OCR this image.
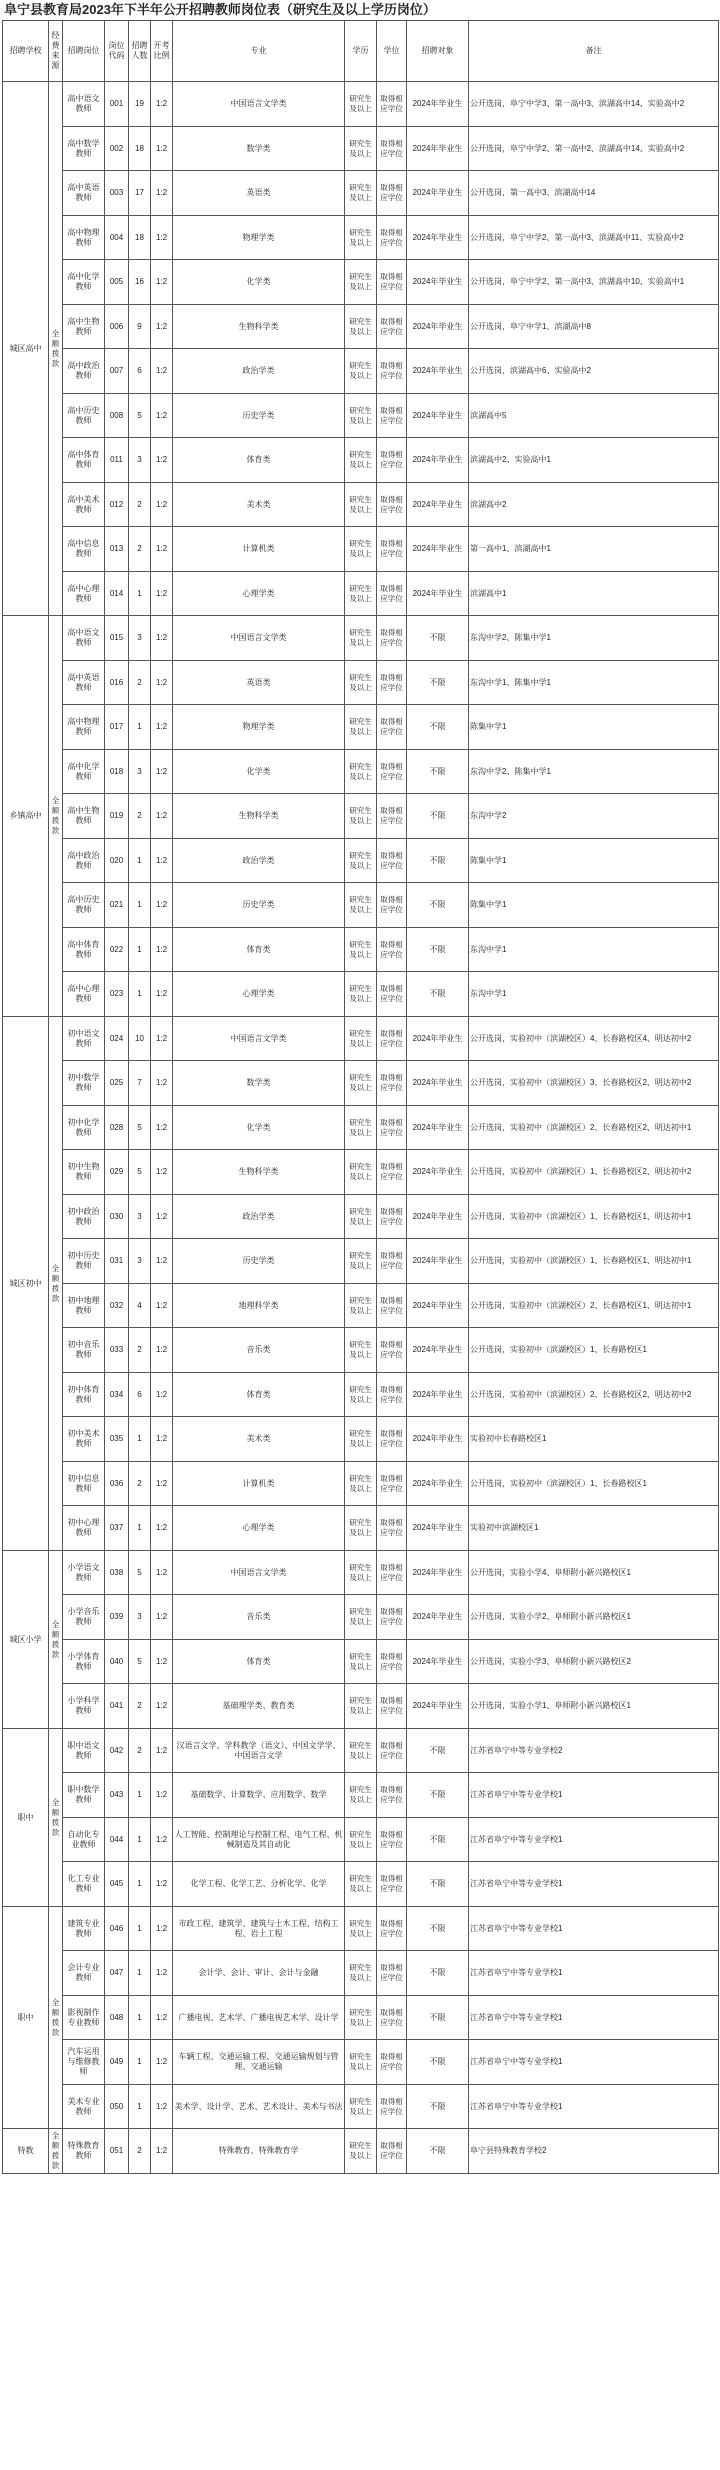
阜宁县教育局2023年下半年公开招聘教师岗位表（研究生及以上学历岗位）
招聘学校	经费来源	招聘岗位	岗位代码	招聘人数	开考比例	专业	学历	学位	招聘对象	备注
城区高中	全额拨款	高中语文教师	001	19	1:2	中国语言文学类	研究生及以上	取得相应学位	2024年毕业生	公开选岗，阜宁中学3、第一高中3、滨湖高中14、实验高中2
		高中数学教师	002	18	1:2	数学类	研究生及以上	取得相应学位	2024年毕业生	公开选岗，阜宁中学2、第一高中2、滨湖高中14、实验高中2
		高中英语教师	003	17	1:2	英语类	研究生及以上	取得相应学位	2024年毕业生	公开选岗，第一高中3、滨湖高中14
		高中物理教师	004	18	1:2	物理学类	研究生及以上	取得相应学位	2024年毕业生	公开选岗，阜宁中学2、第一高中3、滨湖高中11、实验高中2
		高中化学教师	005	16	1:2	化学类	研究生及以上	取得相应学位	2024年毕业生	公开选岗，阜宁中学2、第一高中3、滨湖高中10、实验高中1
		高中生物教师	006	9	1:2	生物科学类	研究生及以上	取得相应学位	2024年毕业生	公开选岗，阜宁中学1、滨湖高中8
		高中政治教师	007	6	1:2	政治学类	研究生及以上	取得相应学位	2024年毕业生	公开选岗，滨湖高中6、实验高中2
		高中历史教师	008	5	1:2	历史学类	研究生及以上	取得相应学位	2024年毕业生	滨湖高中5
		高中体育教师	011	3	1:2	体育类	研究生及以上	取得相应学位	2024年毕业生	滨湖高中2、实验高中1
		高中美术教师	012	2	1:2	美术类	研究生及以上	取得相应学位	2024年毕业生	滨湖高中2
		高中信息教师	013	2	1:2	计算机类	研究生及以上	取得相应学位	2024年毕业生	第一高中1、滨湖高中1
		高中心理教师	014	1	1:2	心理学类	研究生及以上	取得相应学位	2024年毕业生	滨湖高中1
乡镇高中	全额拨款	高中语文教师	015	3	1:2	中国语言文学类	研究生及以上	取得相应学位	不限	东沟中学2、陈集中学1
		高中英语教师	016	2	1:2	英语类	研究生及以上	取得相应学位	不限	东沟中学1、陈集中学1
		高中物理教师	017	1	1:2	物理学类	研究生及以上	取得相应学位	不限	陈集中学1
		高中化学教师	018	3	1:2	化学类	研究生及以上	取得相应学位	不限	东沟中学2、陈集中学1
		高中生物教师	019	2	1:2	生物科学类	研究生及以上	取得相应学位	不限	东沟中学2
		高中政治教师	020	1	1:2	政治学类	研究生及以上	取得相应学位	不限	陈集中学1
		高中历史教师	021	1	1:2	历史学类	研究生及以上	取得相应学位	不限	陈集中学1
		高中体育教师	022	1	1:2	体育类	研究生及以上	取得相应学位	不限	东沟中学1
		高中心理教师	023	1	1:2	心理学类	研究生及以上	取得相应学位	不限	东沟中学1
城区初中	全额拨款	初中语文教师	024	10	1:2	中国语言文学类	研究生及以上	取得相应学位	2024年毕业生	公开选岗，实验初中（滨湖校区）4、长春路校区4、明达初中2
		初中数学教师	025	7	1:2	数学类	研究生及以上	取得相应学位	2024年毕业生	公开选岗，实验初中（滨湖校区）3、长春路校区2、明达初中2
		初中化学教师	028	5	1:2	化学类	研究生及以上	取得相应学位	2024年毕业生	公开选岗，实验初中（滨湖校区）2、长春路校区2、明达初中1
		初中生物教师	029	5	1:2	生物科学类	研究生及以上	取得相应学位	2024年毕业生	公开选岗，实验初中（滨湖校区）1、长春路校区2、明达初中2
		初中政治教师	030	3	1:2	政治学类	研究生及以上	取得相应学位	2024年毕业生	公开选岗，实验初中（滨湖校区）1、长春路校区1、明达初中1
		初中历史教师	031	3	1:2	历史学类	研究生及以上	取得相应学位	2024年毕业生	公开选岗，实验初中（滨湖校区）1、长春路校区1、明达初中1
		初中地理教师	032	4	1:2	地理科学类	研究生及以上	取得相应学位	2024年毕业生	公开选岗，实验初中（滨湖校区）2、长春路校区1、明达初中1
		初中音乐教师	033	2	1:2	音乐类	研究生及以上	取得相应学位	2024年毕业生	公开选岗，实验初中（滨湖校区）1、长春路校区1
		初中体育教师	034	6	1:2	体育类	研究生及以上	取得相应学位	2024年毕业生	公开选岗，实验初中（滨湖校区）2、长春路校区2、明达初中2
		初中美术教师	035	1	1:2	美术类	研究生及以上	取得相应学位	2024年毕业生	实验初中长春路校区1
		初中信息教师	036	2	1:2	计算机类	研究生及以上	取得相应学位	2024年毕业生	公开选岗，实验初中（滨湖校区）1、长春路校区1
		初中心理教师	037	1	1:2	心理学类	研究生及以上	取得相应学位	2024年毕业生	实验初中滨湖校区1
城区小学	全额拨款	小学语文教师	038	5	1:2	中国语言文学类	研究生及以上	取得相应学位	2024年毕业生	公开选岗，实验小学4、阜师附小新兴路校区1
		小学音乐教师	039	3	1:2	音乐类	研究生及以上	取得相应学位	2024年毕业生	公开选岗，实验小学2、阜师附小新兴路校区1
		小学体育教师	040	5	1:2	体育类	研究生及以上	取得相应学位	2024年毕业生	公开选岗，实验小学3、阜师附小新兴路校区2
		小学科学教师	041	2	1:2	基础理学类、教育类	研究生及以上	取得相应学位	2024年毕业生	公开选岗，实验小学1、阜师附小新兴路校区1
职中	全额拨款	职中语文教师	042	2	1:2	汉语言文学、学科教学（语文）、中国文学学、中国语言文学	研究生及以上	取得相应学位	不限	江苏省阜宁中等专业学校2
		职中数学教师	043	1	1:2	基础数学、计算数学、应用数学、数学	研究生及以上	取得相应学位	不限	江苏省阜宁中等专业学校1
		自动化专业教师	044	1	1:2	人工智能、控制理论与控制工程、电气工程、机械制造及其自动化	研究生及以上	取得相应学位	不限	江苏省阜宁中等专业学校1
		化工专业教师	045	1	1:2	化学工程、化学工艺、分析化学、化学	研究生及以上	取得相应学位	不限	江苏省阜宁中等专业学校1
职中	全额拨款	建筑专业教师	046	1	1:2	市政工程、建筑学、建筑与土木工程、结构工程、岩土工程	研究生及以上	取得相应学位	不限	江苏省阜宁中等专业学校1
		会计专业教师	047	1	1:2	会计学、会计、审计、会计与金融	研究生及以上	取得相应学位	不限	江苏省阜宁中等专业学校1
		影视制作专业教师	048	1	1:2	广播电视、艺术学、广播电视艺术学、设计学	研究生及以上	取得相应学位	不限	江苏省阜宁中等专业学校1
		汽车运用与维修教师	049	1	1:2	车辆工程、交通运输工程、交通运输规划与管理、交通运输	研究生及以上	取得相应学位	不限	江苏省阜宁中等专业学校1
		美术专业教师	050	1	1:2	美术学、设计学、艺术、艺术设计、美术与书法	研究生及以上	取得相应学位	不限	江苏省阜宁中等专业学校1
特教	全额拨款	特殊教育教师	051	2	1:2	特殊教育、特殊教育学	研究生及以上	取得相应学位	不限	阜宁县特殊教育学校2
